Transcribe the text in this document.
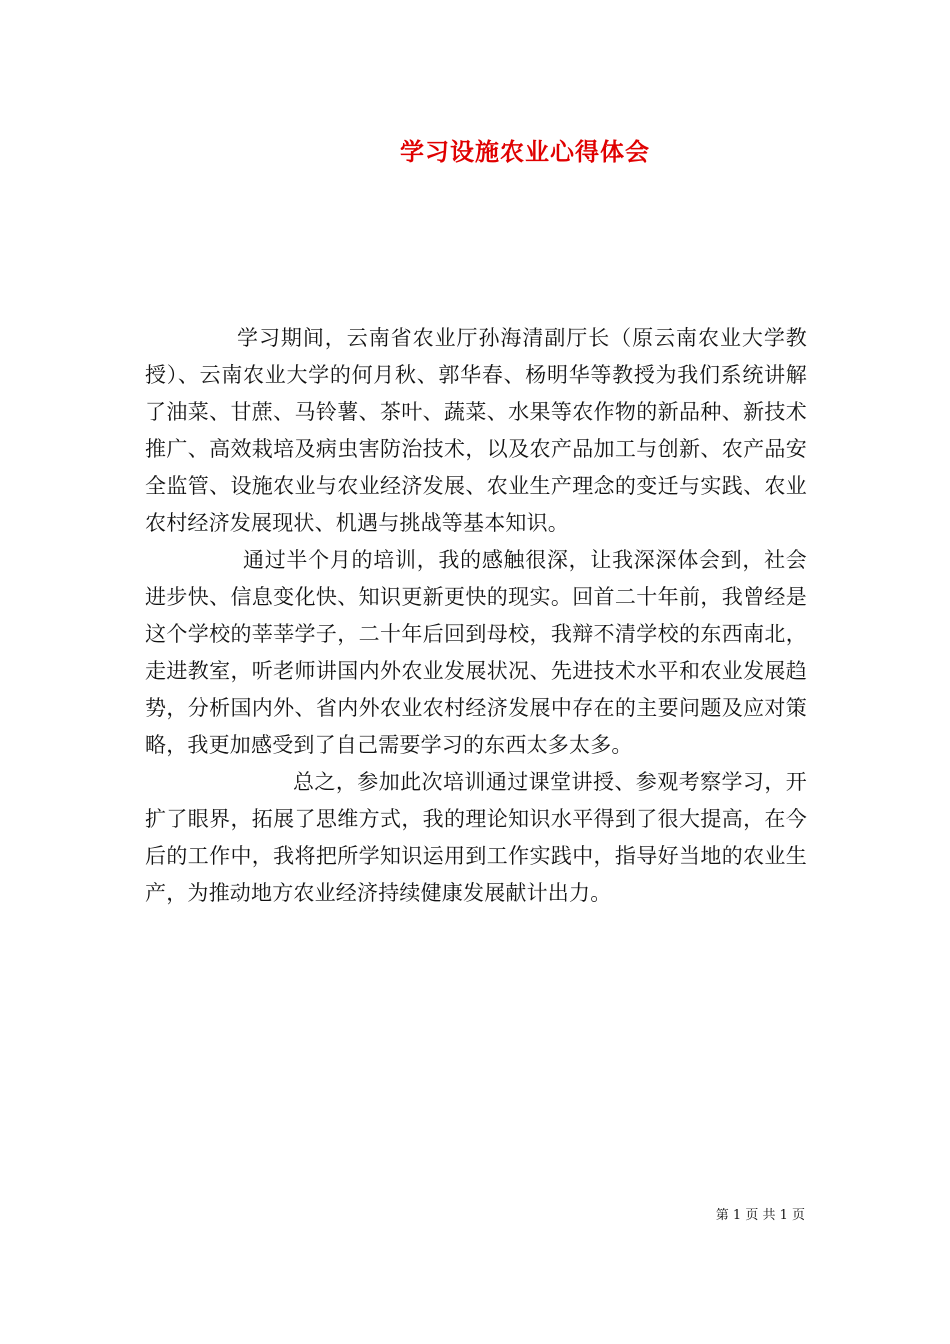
学习设施农业心得体会

学习期间，云南省农业厅孙海清副厅长（原云南农业大学教授）、云南农业大学的何月秋、郭华春、杨明华等教授为我们系统讲解了油菜、甘蔗、马铃薯、茶叶、蔬菜、水果等农作物的新品种、新技术推广、高效栽培及病虫害防治技术，以及农产品加工与创新、农产品安全监管、设施农业与农业经济发展、农业生产理念的变迁与实践、农业农村经济发展现状、机遇与挑战等基本知识。

通过半个月的培训，我的感触很深，让我深深体会到，社会进步快、信息变化快、知识更新更快的现实。回首二十年前，我曾经是这个学校的莘莘学子，二十年后回到母校，我辩不清学校的东西南北，走进教室，听老师讲国内外农业发展状况、先进技术水平和农业发展趋势，分析国内外、省内外农业农村经济发展中存在的主要问题及应对策略，我更加感受到了自己需要学习的东西太多太多。

总之，参加此次培训通过课堂讲授、参观考察学习，开扩了眼界，拓展了思维方式，我的理论知识水平得到了很大提高，在今后的工作中，我将把所学知识运用到工作实践中，指导好当地的农业生产，为推动地方农业经济持续健康发展献计出力。

第 1 页 共 1 页
